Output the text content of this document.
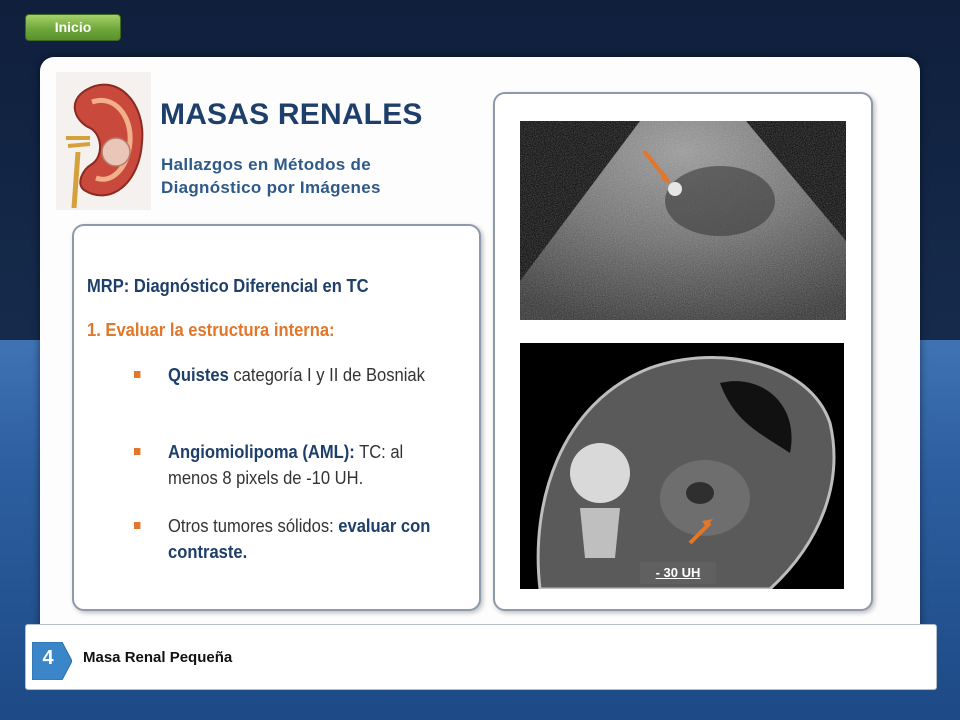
Inicio
MASAS RENALES
Hallazgos en Métodos de Diagnóstico por Imágenes
MRP: Diagnóstico Diferencial en TC
1. Evaluar la estructura interna:
Quistes categoría I y II de Bosniak
Angiomiolipoma (AML): TC: al menos 8 pixels de -10 UH.
Otros tumores sólidos: evaluar con contraste.
- 30 UH
4	Masa Renal Pequeña
